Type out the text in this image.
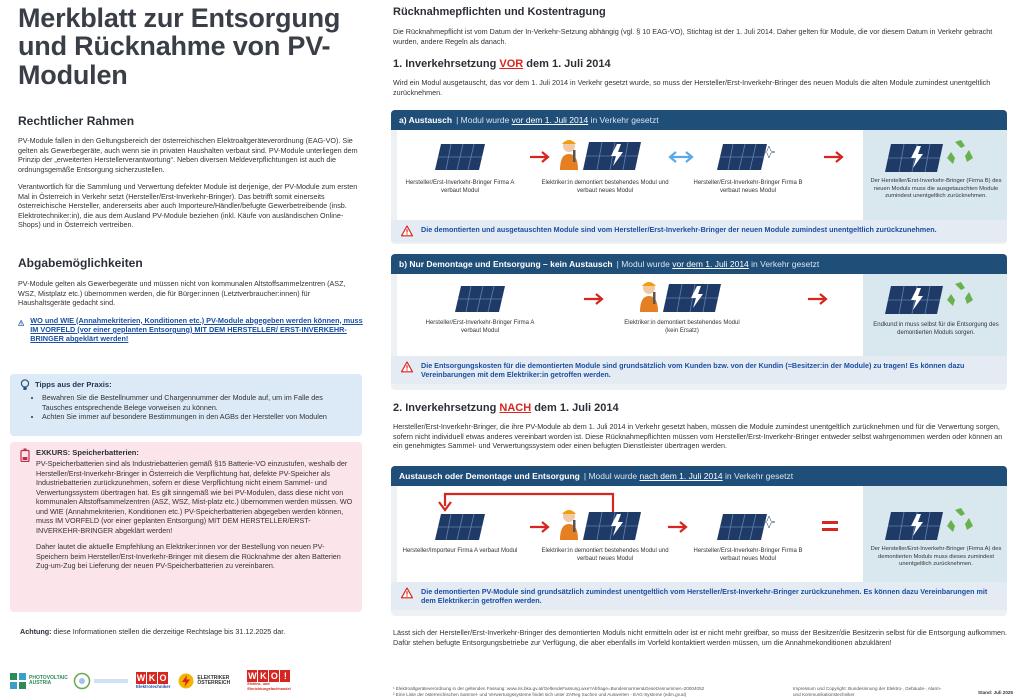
Merkblatt zur Entsorgung und Rücknahme von PV-Modulen
Rechtlicher Rahmen

PV-Module fallen in den Geltungsbereich der österreichischen Elektroaltgeräteverordnung (EAG-VO). Sie gelten als Gewerbegeräte, auch wenn sie in privaten Haushalten verbaut sind. PV-Module unterliegen dem Prinzip der „erweiterten Herstellerverantwortung“. Neben diversen Meldeverpflichtungen ist auch die ordnungsgemäße Entsorgung sicherzustellen.

Verantwortlich für die Sammlung und Verwertung defekter Module ist derjenige, der PV-Module zum ersten Mal in Österreich in Verkehr setzt (Hersteller/Erst-Inverkehr-Bringer). Das betrifft somit einerseits österreichische Hersteller, andererseits aber auch Importeure/Händler/befugte Gewerbetreibende (insb. Elektrotechniker:in), die aus dem Ausland PV-Module beziehen (inkl. Käufe von ausländischen Online-Shops) und in Österreich vertreiben.

Abgabemöglichkeiten

PV-Module gelten als Gewerbegeräte und müssen nicht von kommunalen Altstoffsammelzentren (ASZ, WSZ, Mistplatz etc.) übernommen werden, die für Bürger:innen (Letztverbraucher:innen) für Haushaltsgeräte gedacht sind.

WO und WIE (Annahmekriterien, Konditionen etc.) PV-Module abgegeben werden können, muss IM VORFELD (vor einer geplanten Entsorgung) MIT DEM HERSTELLER/ ERST-INVERKEHR-BRINGER abgeklärt werden!
Tipps aus der Praxis:
• Bewahren Sie die Bestellnummer und Chargennummer der Module auf, um im Falle des Tausches entsprechende Belege vorweisen zu können.
• Achten Sie immer auf besondere Bestimmungen in den AGBs der Hersteller von Modulen
EXKURS: Speicherbatterien:

PV-Speicherbatterien sind als Industriebatterien gemäß §15 Batterie-VO einzustufen, weshalb der Hersteller/Erst-Inverkehr-Bringer in Österreich die Verpflichtung hat, defekte PV-Speicher als Industriebatterien zurückzunehmen, sofern er diese Verpflichtung nicht einem Sammel- und Verwertungssystem übertragen hat. Es gilt sinngemäß wie bei PV-Modulen, dass diese nicht von kommunalen Altstoffsammelzentren (ASZ, WSZ, Mist-platz etc.) übernommen werden müssen. WO und WIE (Annahmekriterien, Konditionen etc.) PV-Speicherbatterien abgegeben werden können, muss IM VORFELD (vor einer geplanten Entsorgung) MIT DEM HERSTELLER/ERST-INVERKEHR-BRINGER abgeklärt werden!

Daher lautet die aktuelle Empfehlung an Elektriker:innen vor der Bestellung von neuen PV-Speichern beim Hersteller/Erst-Inverkehr-Bringer mit diesem die Rücknahme der alten Batterien Zug-um-Zug bei Lieferung der neuen PV-Speicherbatterien zu vereinbaren.

Achtung: diese Informationen stellen die derzeitige Rechtslage bis 31.12.2025 dar.
PHOTOVOLTAIC AUSTRIA	W K O
Elektrotechniker
ELEKTRIKER ÖSTERREICH
W K O !
Elektro- und Einrichtungsfachhandel
Rücknahmepflichten und Kostentragung

Die Rücknahmepflicht ist vom Datum der In-Verkehr-Setzung abhängig (vgl. § 10 EAG-VO), Stichtag ist der 1. Juli 2014. Daher gelten für Module, die vor diesem Datum in Verkehr gebracht wurden, andere Regeln als danach.

1. Inverkehrsetzung VOR dem 1. Juli 2014

Wird ein Modul ausgetauscht, das vor dem 1. Juli 2014 in Verkehr gesetzt wurde, so muss der Hersteller/Erst-Inverkehr-Bringer des neuen Moduls die alten Module zumindest unentgeltlich zurücknehmen.

a) Austausch | Modul wurde vor dem 1. Juli 2014 in Verkehr gesetzt
Hersteller/Erst-Inverkehr-Bringer Firma A verbaut Modul
Elektriker:in demontiert bestehendes Modul und verbaut neues Modul
Hersteller/Erst-Inverkehr-Bringer Firma B verbaut neues Modul
Der Hersteller/Erst-Inverkehr-Bringer (Firma B) des neuen Moduls muss die ausgetauschten Module zumindest unentgeltlich zurücknehmen.
Die demontierten und ausgetauschten Module sind vom Hersteller/Erst-Inverkehr-Bringer der neuen Module zumindest unentgeltlich zurückzunehmen.
b) Nur Demontage und Entsorgung – kein Austausch | Modul wurde vor dem 1. Juli 2014 in Verkehr gesetzt
Hersteller/Erst-Inverkehr-Bringer Firma A verbaut Modul
Elektriker:in demontiert bestehendes Modul (kein Ersatz)
Endkund:in muss selbst für die Entsorgung des demontierten Moduls sorgen.
Die Entsorgungskosten für die demontierten Module sind grundsätzlich vom Kunden bzw. von der Kundin (=Besitzer:in der Module) zu tragen! Es können dazu Vereinbarungen mit dem Elektriker:in getroffen werden.
2. Inverkehrsetzung NACH dem 1. Juli 2014

Hersteller/Erst-Inverkehr-Bringer, die ihre PV-Module ab dem 1. Juli 2014 in Verkehr gesetzt haben, müssen die Module zumindest unentgeltlich zurücknehmen und für die Verwertung sorgen, sofern nicht individuell etwas anderes vereinbart worden ist. Diese Rücknahmepflichten müssen vom Hersteller/Erst-Inverkehr-Bringer entweder selbst wahrgenommen werden oder können an ein genehmigtes Sammel- und Verwertungssystem oder einen befugten Dienstleister übertragen werden.

Austausch oder Demontage und Entsorgung | Modul wurde nach dem 1. Juli 2014 in Verkehr gesetzt
Hersteller/Importeur Firma A verbaut Modul	Elektriker:in demontiert bestehendes Modul und verbaut neues Modul
Hersteller/Erst-Inverkehr-Bringer Firma B verbaut neues Modul
Der Hersteller/Erst-Inverkehr-Bringer (Firma A) des demontierten Moduls muss dieses zumindest unentgeltlich zurücknehmen.
Die demontierten PV-Module sind grundsätzlich zumindest unentgeltlich vom Hersteller/Erst-Inverkehr-Bringer zurückzunehmen. Es können dazu Vereinbarungen mit dem Elektriker:in getroffen werden.

Lässt sich der Hersteller/Erst-Inverkehr-Bringer des demontierten Moduls nicht ermitteln oder ist er nicht mehr greifbar, so muss der Besitzer/die Besitzerin selbst für die Entsorgung aufkommen. Dafür stehen befugte Entsorgungsbetriebe zur Verfügung, die aber ebenfalls im Vorfeld kontaktiert werden müssen, um die Annahmekonditionen abzuklären!

¹ Elektroaltgeräteverordnung in der geltenden Fassung: www.ris.bka.gv.at/GeltendeFassung.wxe?Abfrage=Bundesnormen&Gesetzesnummer=20004052
² Eine Liste der österreichischen Sammel- und Verwertungssysteme findet sich unter ZAReg Suchen und Auswerten - EAG-Systeme (edm.gv.at)
Impressum und Copyright: Bundesinnung der Elektro-, Gebäude-, Alarm- und Kommunikationstechniker	Stand: Juli 2025
